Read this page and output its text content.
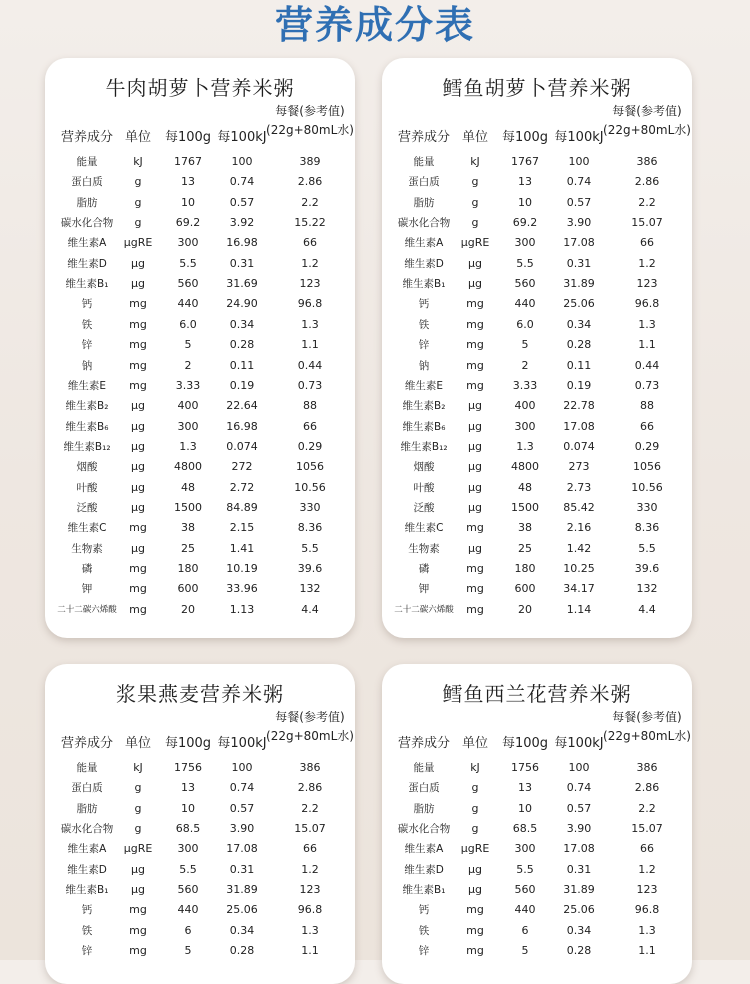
营养成分表
牛肉胡萝卜营养米粥
营养成分 单位 每100g 每100kJ
每餐(参考值)
(22g+80mL水)
能量	kJ	1767	100	389
蛋白质	g	13	0.74	2.86
脂肪	g	10	0.57	2.2
碳水化合物 g	69.2	3.92	15.22
维生素A μgRE 300	16.98	66
维生素D μg	5.5	0.31	1.2
维生素B₁ μg	560	31.69	123
钙	mg	440	24.90	96.8
铁	mg	6.0	0.34	1.3
锌	mg	5	0.28	1.1
钠	mg	2	0.11	0.44
维生素E mg	3.33	0.19	0.73
维生素B₂ μg	400	22.64	88
维生素B₆ μg	300	16.98	66
维生素B₁₂ μg	1.3	0.074	0.29
烟酸	μg	4800	272	1056
叶酸	μg	48	2.72	10.56
泛酸	μg	1500 84.89	330
维生素C mg	38	2.15	8.36
生物素	μg	25	1.41	5.5
磷	mg	180	10.19	39.6
钾	mg	600	33.96	132
二十二碳六烯酸 mg	20	1.13	4.4
鳕鱼胡萝卜营养米粥
营养成分 单位 每100g 每100kJ
每餐(参考值)
(22g+80mL水)
能量	kJ	1767	100	386
蛋白质	g	13	0.74	2.86
脂肪	g	10	0.57	2.2
碳水化合物 g	69.2	3.90	15.07
维生素A μgRE 300	17.08	66
维生素D μg	5.5	0.31	1.2
维生素B₁ μg	560	31.89	123
钙	mg	440	25.06	96.8
铁	mg	6.0	0.34	1.3
锌	mg	5	0.28	1.1
钠	mg	2	0.11	0.44
维生素E mg	3.33	0.19	0.73
维生素B₂ μg	400	22.78	88
维生素B₆ μg	300	17.08	66
维生素B₁₂ μg	1.3	0.074	0.29
烟酸	μg	4800	273	1056
叶酸	μg	48	2.73	10.56
泛酸	μg	1500 85.42	330
维生素C mg	38	2.16	8.36
生物素	μg	25	1.42	5.5
磷	mg	180	10.25	39.6
钾	mg	600	34.17	132
二十二碳六烯酸 mg	20	1.14	4.4
浆果燕麦营养米粥
营养成分 单位 每100g 每100kJ
每餐(参考值)
(22g+80mL水)
能量	kJ	1756	100	386
蛋白质	g	13	0.74	2.86
脂肪	g	10	0.57	2.2
碳水化合物 g	68.5	3.90	15.07
维生素A μgRE 300	17.08	66
维生素D μg	5.5	0.31	1.2
维生素B₁ μg	560	31.89	123
钙	mg	440	25.06	96.8
铁	mg	6	0.34	1.3
锌	mg	5	0.28	1.1
鳕鱼西兰花营养米粥
营养成分 单位 每100g 每100kJ
每餐(参考值)
(22g+80mL水)
能量	kJ	1756	100	386
蛋白质	g	13	0.74	2.86
脂肪	g	10	0.57	2.2
碳水化合物 g	68.5	3.90	15.07
维生素A μgRE 300	17.08	66
维生素D μg	5.5	0.31	1.2
维生素B₁ μg	560	31.89	123
钙	mg	440	25.06	96.8
铁	mg	6	0.34	1.3
锌	mg	5	0.28	1.1
